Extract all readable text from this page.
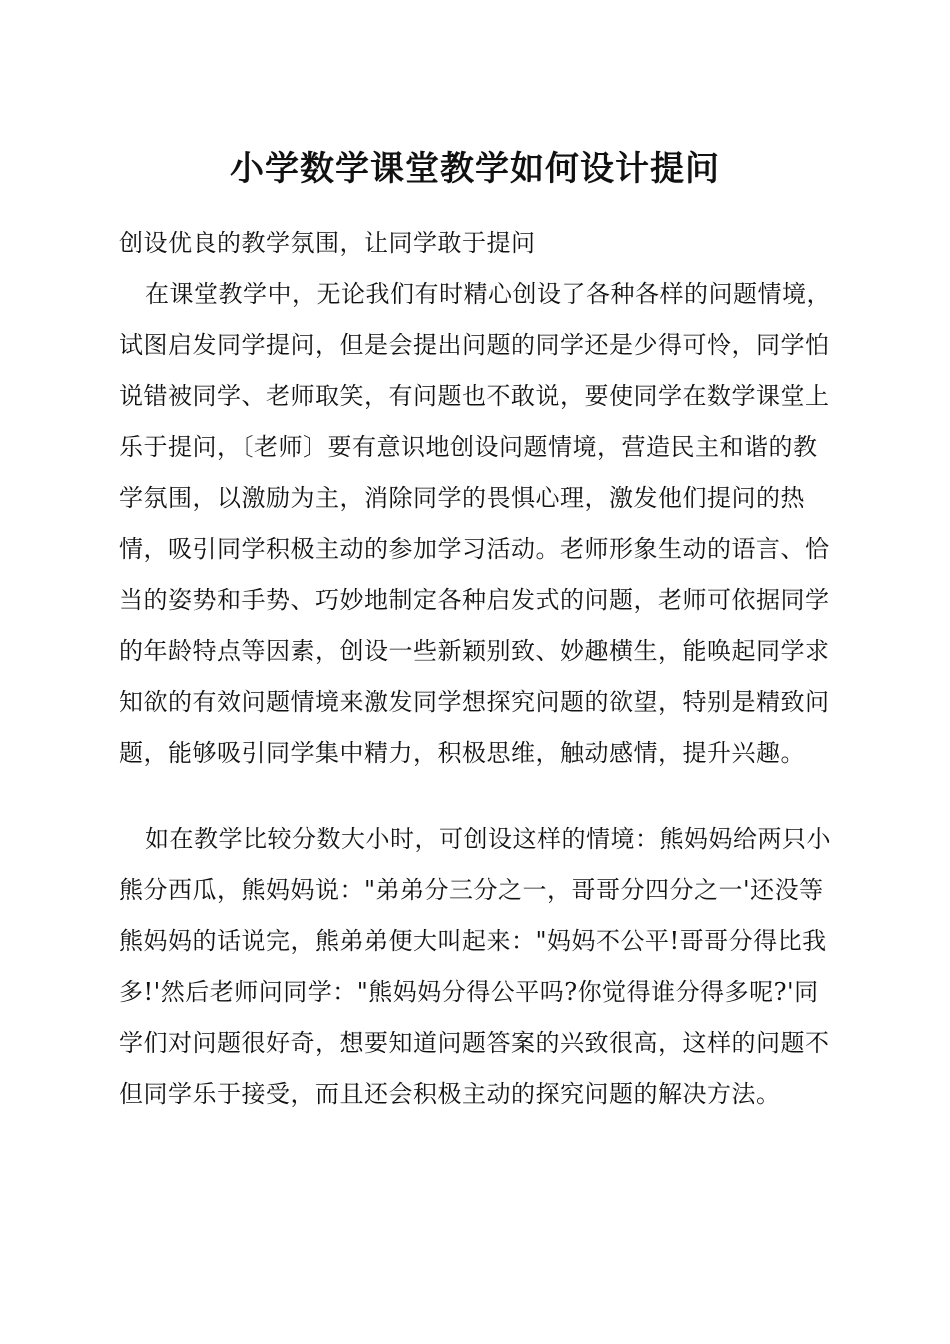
小学数学课堂教学如何设计提问

创设优良的教学氛围，让同学敢于提问

在课堂教学中，无论我们有时精心创设了各种各样的问题情境，试图启发同学提问，但是会提出问题的同学还是少得可怜，同学怕说错被同学、老师取笑，有问题也不敢说，要使同学在数学课堂上乐于提问，〔老师〕要有意识地创设问题情境，营造民主和谐的教学氛围，以激励为主，消除同学的畏惧心理，激发他们提问的热情，吸引同学积极主动的参加学习活动。老师形象生动的语言、恰当的姿势和手势、巧妙地制定各种启发式的问题，老师可依据同学的年龄特点等因素，创设一些新颖别致、妙趣横生，能唤起同学求知欲的有效问题情境来激发同学想探究问题的欲望，特别是精致问题，能够吸引同学集中精力，积极思维，触动感情，提升兴趣。

如在教学比较分数大小时，可创设这样的情境：熊妈妈给两只小熊分西瓜，熊妈妈说："弟弟分三分之一，哥哥分四分之一'还没等熊妈妈的话说完，熊弟弟便大叫起来："妈妈不公平!哥哥分得比我多!'然后老师问同学："熊妈妈分得公平吗?你觉得谁分得多呢?'同学们对问题很好奇，想要知道问题答案的兴致很高，这样的问题不但同学乐于接受，而且还会积极主动的探究问题的解决方法。
